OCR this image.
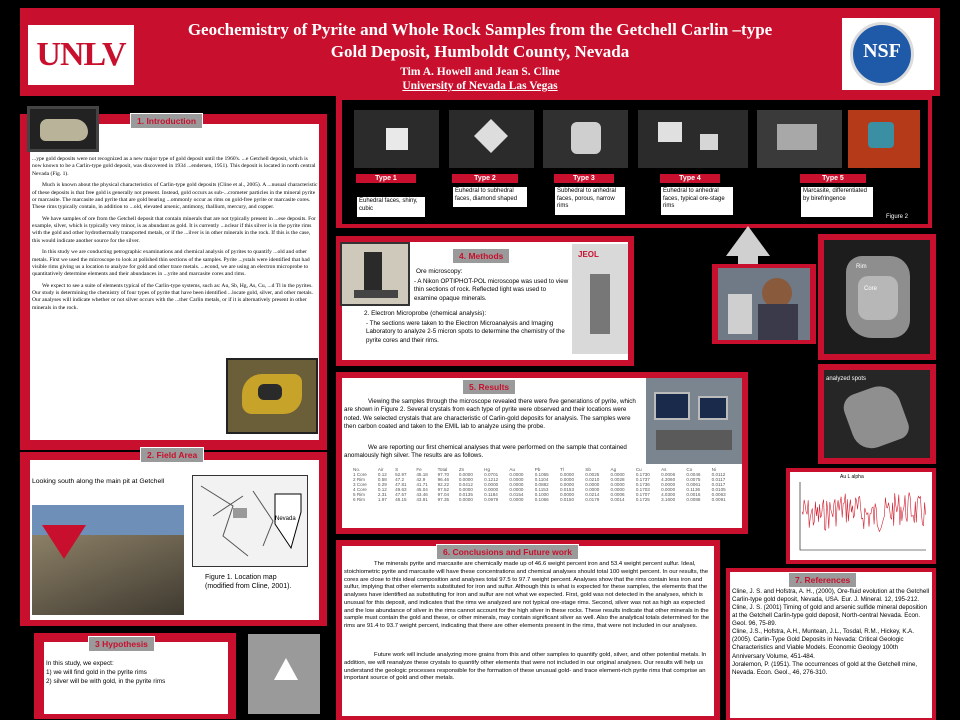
UNLV	NSF
Geochemistry of Pyrite and Whole Rock Samples from the Getchell Carlin –type
Gold Deposit, Humboldt County, Nevada
Tim A. Howell and Jean S. Cline
University of Nevada Las Vegas
1. Introduction

...ype gold deposits were not recognized as a new major type of gold deposit until the 1960's. ...e Getchell deposit, which is now known to be a Carlin-type gold deposit, was discovered in 1934 ...endersen, 1951). This deposit is located in north central Nevada (Fig. 1).

Much is known about the physical characteristics of Carlin-type gold deposits (Cline et al., 2005). A ...nusual characteristic of these deposits is that free gold is generally not present. Instead, gold occurs as sub-...crometer particles in the mineral pyrite or marcasite. The marcasite and pyrite that are gold bearing ...ommonly occur as rims on gold-free pyrite or marcasite cores. These rims typically contain, in addition to ...old, elevated arsenic, antimony, thallium, mercury, and copper.

We have samples of ore from the Getchell deposit that contain minerals that are not typically present in ...ese deposits. For example, silver, which is typically very minor, is as abundant as gold. It is currently ...nclear if this silver is in the pyrite rims with the gold and other hydrothermally transported metals, or if the ...ilver is in other minerals in the rock. If this is the case, this would indicate another source for the silver.

In this study we are conducting petrographic examinations and chemical analysis of pyrites to quantify ...old and other metals. First we used the microscope to look at polished thin sections of the samples. Pyrite ...ystals were identified that had visible rims giving us a location to analyze for gold and other trace metals. ...econd, we are using an electron microprobe to quantitatively determine elements and their abundances in ...yrite and marcasite cores and rims.

We expect to see a suite of elements typical of the Carlin-type systems, such as: Au, Sb, Hg, As, Cu, ...d Tl in the pyrites. Our study is determining the chemistry of four types of pyrite that have been identified ...locate gold, silver, and other metals. Our analyses will indicate whether or not silver occurs with the ...ther Carlin metals, or if it is alternatively present in other minerals in the rock.

2. Field Area
Looking south along the main pit at Getchell
Nevada
Figure 1. Location map (modified from Cline, 2001).
3 Hypothesis
In this study, we expect:
1) we will find gold in the pyrite rims
2) silver will be with gold, in the pyrite rims
Type 1	Type 2	Type 3	Type 4	Type 5
Euhedral faces, shiny, cubic
Euhedral to subhedral faces, diamond shaped
Subhedral to anhedral faces, porous, narrow rims
Euhedral to anhedral faces, typical ore-stage rims
Marcasite, differentiated by birefringence
Figure 2
4. Methods
Ore microscopy:
- A Nikon OPTIPHOT-POL microscope was used to view thin sections of rock. Reflected light was used to examine opaque minerals.
JEOL
2. Electron Microprobe (chemical analysis):
- The sections were taken to the Electron Microanalysis and Imaging Laboratory to analyze 2-5 micron spots to determine the chemistry of the pyrite cores and their rims.
Rim
Core
5. Results
Viewing the samples through the microscope revealed there were five generations of pyrite, which are shown in Figure 2. Several crystals from each type of pyrite were observed and their locations were noted. We selected crystals that are characteristic of Carlin-gold deposits for analysis. The samples were then carbon coated and taken to the EMIL lab to analyze using the probe.
We are reporting our first chemical analyses that were performed on the sample that contained anomalously high silver. The results are as follows.
No.	Air	S	Fe	Total	Zn	Hg	Au	Pb	Tl	Sb	Ag	Cu	As	Co	Ni
1 Core	0.12	52.97	45.18	97.70	0.0000	0.0701	0.0000	0.1065	0.0000	0.0025	0.0000	0.1730	0.0006	0.0046	0.0112
2 Rim	0.58	47.2	42.9	96.46	0.0000	0.1212	0.0000	0.1104	0.0000	0.0210	0.0028	0.1737	4.3060	0.0075	0.0117
3 Core	0.29	47.81	41.71	92.22	0.0412	0.0000	0.0000	0.0882	0.0000	0.0000	0.0000	0.1736	0.0000	0.0061	0.0117
4 Core	0.12	49.63	45.04	97.52	0.0000	0.0000	0.0000	0.1153	0.0153	0.0000	0.0000	0.1703	0.0000	0.1136	0.0105
5 Rim	2.31	47.57	43.46	97.04	0.0135	0.1184	0.0154	0.1000	0.0000	0.0214	0.0006	0.1707	4.0300	0.0016	0.0063
6 Rim	1.97	48.15	43.91	97.35	0.0000	0.0979	0.0000	0.1066	0.0150	0.0179	0.0014	0.1725	3.1600	0.0088	0.0091
6. Conclusions and Future work
The minerals pyrite and marcasite are chemically made up of 46.6 weight percent iron and 53.4 weight percent sulfur. Ideal, stoichiometric pyrite and marcasite will have these concentrations and chemical analyses should total 100 weight percent. In our results, the cores are close to this ideal composition and analyses total 97.5 to 97.7 weight percent. Analyses show that the rims contain less iron and sulfur, implying that other elements substituted for iron and sulfur. Although this is what is expected for these samples, the elements that the analyses have identified as substituting for iron and sulfur are not what we expected. First, gold was not detected in the analyses, which is unusual for this deposit, and indicates that the rims we analyzed are not typical ore-stage rims. Second, silver was not as high as expected and the low abundance of silver in the rims cannot account for the high silver in these rocks. These results indicate that other minerals in the sample must contain the gold and these, or other minerals, may contain significant silver as well. Also the analytical totals determined for the rims are 91.4 to 93.7 weight percent, indicating that there are other elements present in the rims, that were not included in our analyses.
Future work will include analyzing more grains from this and other samples to quantify gold, silver, and other potential metals. In addition, we will reanalyze these crystals to quantify other elements that were not included in our original analyses. Our results will help us understand the geologic processes responsible for the formation of these unusual gold- and trace element-rich pyrite rims that comprise an important source of gold and other metals.
analyzed spots
Au L alpha
7. References
Cline, J. S. and Hofstra, A. H., (2000), Ore-fluid evolution at the Getchell Carlin-type gold deposit, Nevada, USA. Eur. J. Mineral. 12, 195-212.
Cline, J. S. (2001) Timing of gold and arsenic sulfide mineral deposition at the Getchell Carlin-type gold deposit, North-central Nevada. Econ. Geol. 96, 75-89.
Cline, J.S., Hofstra, A.H., Muntean, J.L., Tosdal, R.M., Hickey, K.A. (2005). Carlin-Type Gold Deposits in Nevada: Critical Geologic Characteristics and Viable Models. Economic Geology 100th Anniversary Volume, 451-484.
Joralemon, P. (1951). The occurrences of gold at the Getchell mine, Nevada. Econ. Geol., 46, 276-310.
